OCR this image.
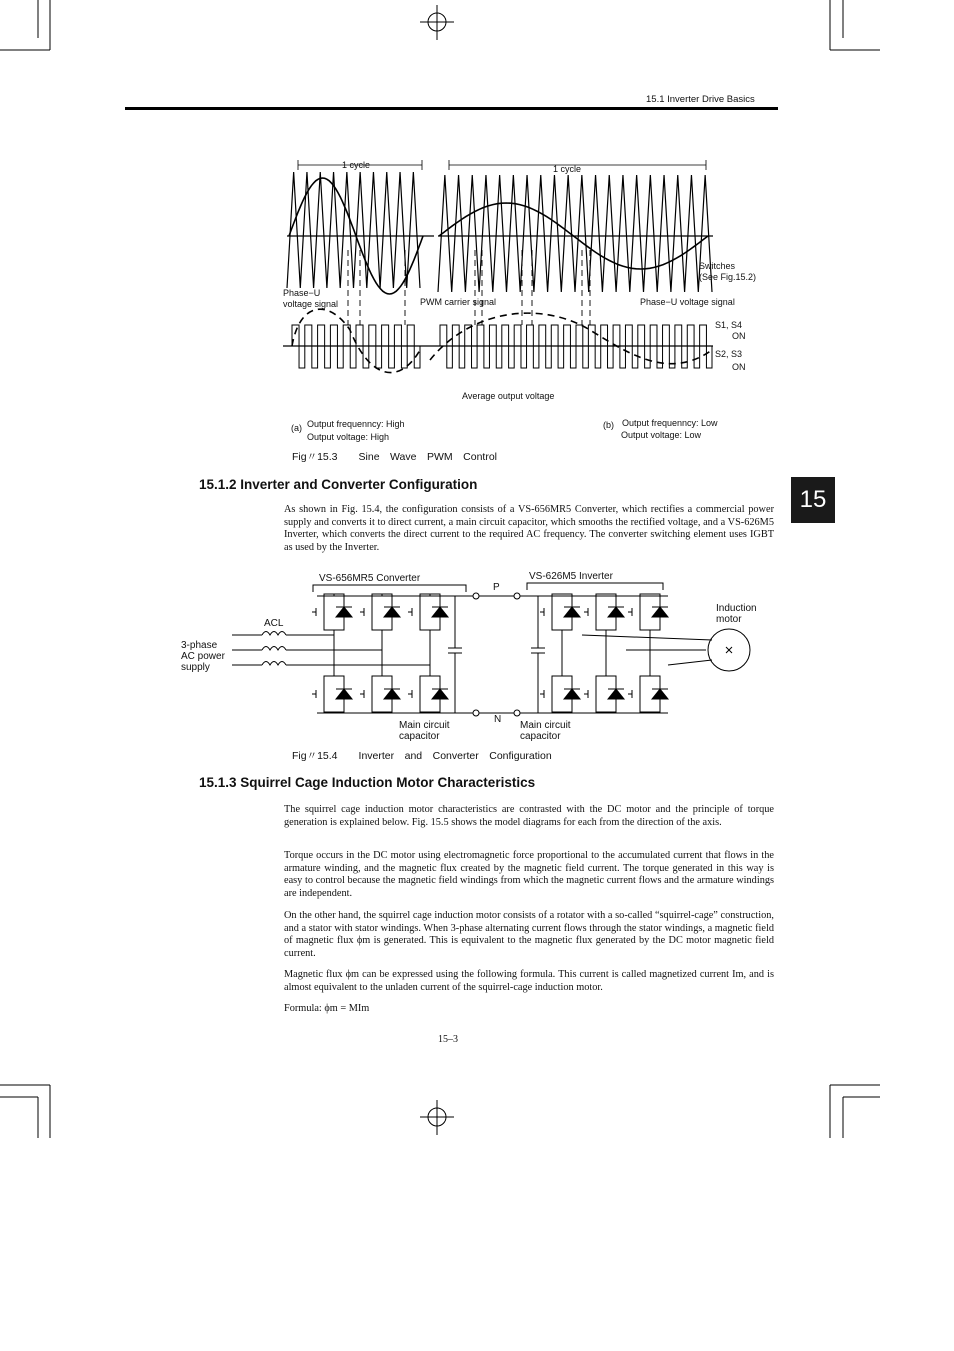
15.1 Inverter Drive Basics
15
1 cycle	1 cycle
Switches
(See Fig.15.2)
Phase−U
voltage signal	PWM carrier signal	Phase−U voltage signal
S1, S4
ON
S2, S3
ON
Average output voltage
(a) Output frequenncy: High
Output voltage: High
(b) Output frequenncy: Low
Output voltage: Low
Fig〃15.3　　Sine　Wave　PWM　Control
15.1.2 Inverter and Converter Configuration
As shown in Fig. 15.4, the configuration consists of a VS-656MR5 Converter, which rectifies a commercial power supply and converts it to direct current, a main circuit capacitor, which smooths the rectified voltage, and a VS-626M5 Inverter, which converts the direct current to the required AC frequency. The converter switching element uses IGBT as used by the Inverter.
VS-656MR5 Converter	VS-626M5 Inverter
P
N
ACL
3-phase
AC power
supply
Induction
motor
Main circuit
capacitor
Main circuit
capacitor
Fig〃15.4　　Inverter　and　Converter　Configuration
15.1.3 Squirrel Cage Induction Motor Characteristics
The squirrel cage induction motor characteristics are contrasted with the DC motor and the principle of torque generation is explained below. Fig. 15.5 shows the model diagrams for each from the direction of the axis.
Torque occurs in the DC motor using electromagnetic force proportional to the accumulated current that flows in the armature winding, and the magnetic flux created by the magnetic field current. The torque generated in this way is easy to control because the magnetic field windings from which the magnetic current flows and the armature windings are independent.
On the other hand, the squirrel cage induction motor consists of a rotator with a so-called “squirrel-cage” construction, and a stator with stator windings. When 3-phase alternating current flows through the stator windings, a magnetic field of magnetic flux ϕm is generated. This is equivalent to the magnetic flux generated by the DC motor magnetic field current.
Magnetic flux ϕm can be expressed using the following formula. This current is called magnetized current Im, and is almost equivalent to the unladen current of the squirrel-cage induction motor.
Formula: ϕm = MIm
15–3
